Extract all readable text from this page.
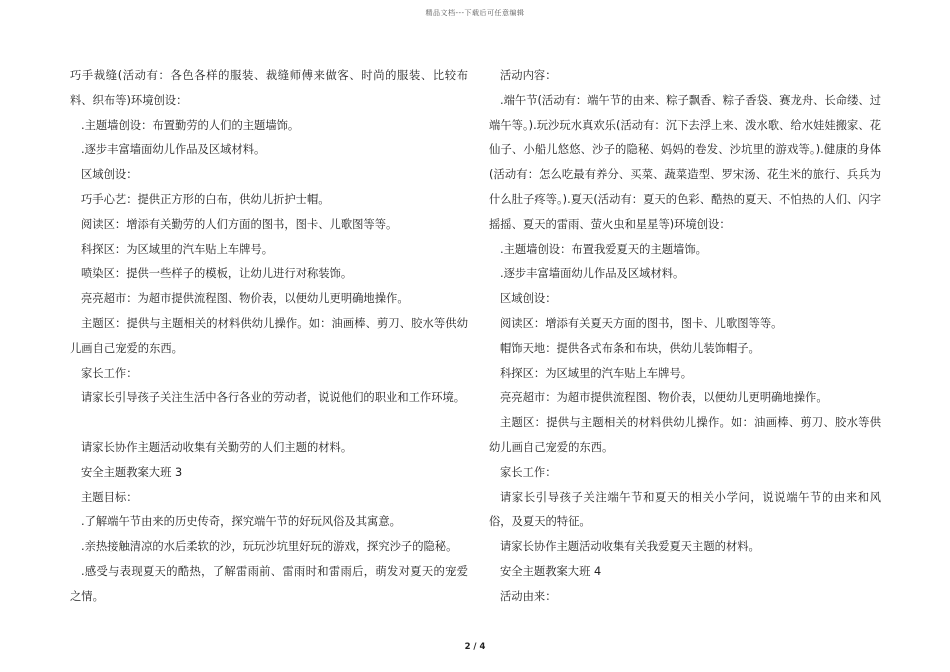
精品文档---下载后可任意编辑

巧手裁缝(活动有：各色各样的服装、裁缝师傅来做客、时尚的服装、比较布料、织布等)环境创设：

.主题墙创设：布置勤劳的人们的主题墙饰。

.逐步丰富墙面幼儿作品及区域材料。

区域创设：

巧手心艺：提供正方形的白布，供幼儿折护士帽。

阅读区：增添有关勤劳的人们方面的图书，图卡、儿歌图等等。

科探区：为区域里的汽车贴上车牌号。

喷染区：提供一些样子的模板，让幼儿进行对称装饰。

亮亮超市：为超市提供流程图、物价表，以便幼儿更明确地操作。

主题区：提供与主题相关的材料供幼儿操作。如：油画棒、剪刀、胶水等供幼儿画自己宠爱的东西。

家长工作：

请家长引导孩子关注生活中各行各业的劳动者，说说他们的职业和工作环境。

请家长协作主题活动收集有关勤劳的人们主题的材料。

安全主题教案大班 3

主题目标：

.了解端午节由来的历史传奇，探究端午节的好玩风俗及其寓意。

.亲热接触清凉的水后柔软的沙，玩玩沙坑里好玩的游戏，探究沙子的隐秘。

.感受与表现夏天的酷热，了解雷雨前、雷雨时和雷雨后，萌发对夏天的宠爱之情。

活动内容：

.端午节(活动有：端午节的由来、粽子飘香、粽子香袋、赛龙舟、长命缕、过端午等。).玩沙玩水真欢乐(活动有：沉下去浮上来、泼水歌、给水娃娃搬家、花仙子、小船儿悠悠、沙子的隐秘、妈妈的卷发、沙坑里的游戏等。).健康的身体(活动有：怎么吃最有养分、买菜、蔬菜造型、罗宋汤、花生米的旅行、兵兵为什么肚子疼等。).夏天(活动有：夏天的色彩、酷热的夏天、不怕热的人们、闪字摇摇、夏天的雷雨、萤火虫和星星等)环境创设：

.主题墙创设：布置我爱夏天的主题墙饰。

.逐步丰富墙面幼儿作品及区域材料。

区域创设：

阅读区：增添有关夏天方面的图书，图卡、儿歌图等等。

帽饰天地：提供各式布条和布块，供幼儿装饰帽子。

科探区：为区域里的汽车贴上车牌号。

亮亮超市：为超市提供流程图、物价表，以便幼儿更明确地操作。

主题区：提供与主题相关的材料供幼儿操作。如：油画棒、剪刀、胶水等供幼儿画自己宠爱的东西。

家长工作：

请家长引导孩子关注端午节和夏天的相关小学问，说说端午节的由来和风俗，及夏天的特征。

请家长协作主题活动收集有关我爱夏天主题的材料。

安全主题教案大班 4

活动由来：

2 / 4
